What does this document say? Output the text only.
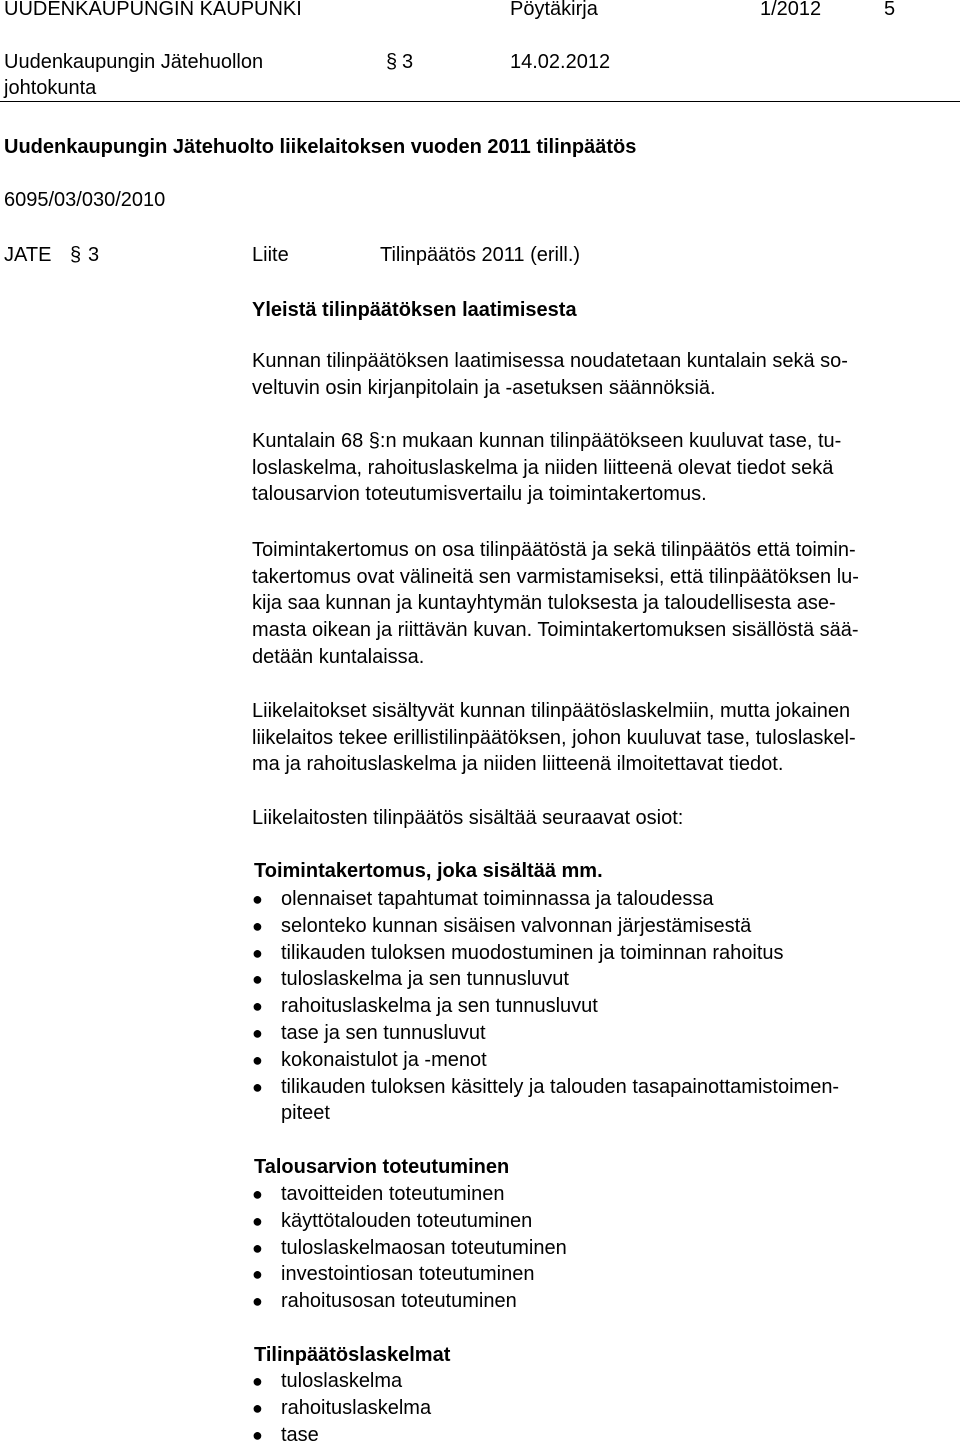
UUDENKAUPUNGIN KAUPUNKI	Pöytäkirja	1/2012	5
Uudenkaupungin Jätehuollon
johtokunta
§ 3	14.02.2012
Uudenkaupungin Jätehuolto liikelaitoksen vuoden 2011 tilinpäätös
6095/03/030/2010
JATE § 3	Liite	Tilinpäätös 2011 (erill.)
Yleistä tilinpäätöksen laatimisesta
Kunnan tilinpäätöksen laatimisessa noudatetaan kuntalain sekä so-
veltuvin osin kirjanpitolain ja -asetuksen säännöksiä.
Kuntalain 68 §:n mukaan kunnan tilinpäätökseen kuuluvat tase, tu-
loslaskelma, rahoituslaskelma ja niiden liitteenä olevat tiedot sekä
talousarvion toteutumisvertailu ja toimintakertomus.
Toimintakertomus on osa tilinpäätöstä ja sekä tilinpäätös että toimin-
takertomus ovat välineitä sen varmistamiseksi, että tilinpäätöksen lu-
kija saa kunnan ja kuntayhtymän tuloksesta ja taloudellisesta ase-
masta oikean ja riittävän kuvan. Toimintakertomuksen sisällöstä sää-
detään kuntalaissa.
Liikelaitokset sisältyvät kunnan tilinpäätöslaskelmiin, mutta jokainen
liikelaitos tekee erillistilinpäätöksen, johon kuuluvat tase, tuloslaskel-
ma ja rahoituslaskelma ja niiden liitteenä ilmoitettavat tiedot.
Liikelaitosten tilinpäätös sisältää seuraavat osiot:
Toimintakertomus, joka sisältää mm.
● olennaiset tapahtumat toiminnassa ja taloudessa
● selonteko kunnan sisäisen valvonnan järjestämisestä
● tilikauden tuloksen muodostuminen ja toiminnan rahoitus
● tuloslaskelma ja sen tunnusluvut
● rahoituslaskelma ja sen tunnusluvut
● tase ja sen tunnusluvut
● kokonaistulot ja -menot
● tilikauden tuloksen käsittely ja talouden tasapainottamistoimen-
piteet
Talousarvion toteutuminen
● tavoitteiden toteutuminen
● käyttötalouden toteutuminen
● tuloslaskelmaosan toteutuminen
● investointiosan toteutuminen
● rahoitusosan toteutuminen
Tilinpäätöslaskelmat
● tuloslaskelma
● rahoituslaskelma
● tase
